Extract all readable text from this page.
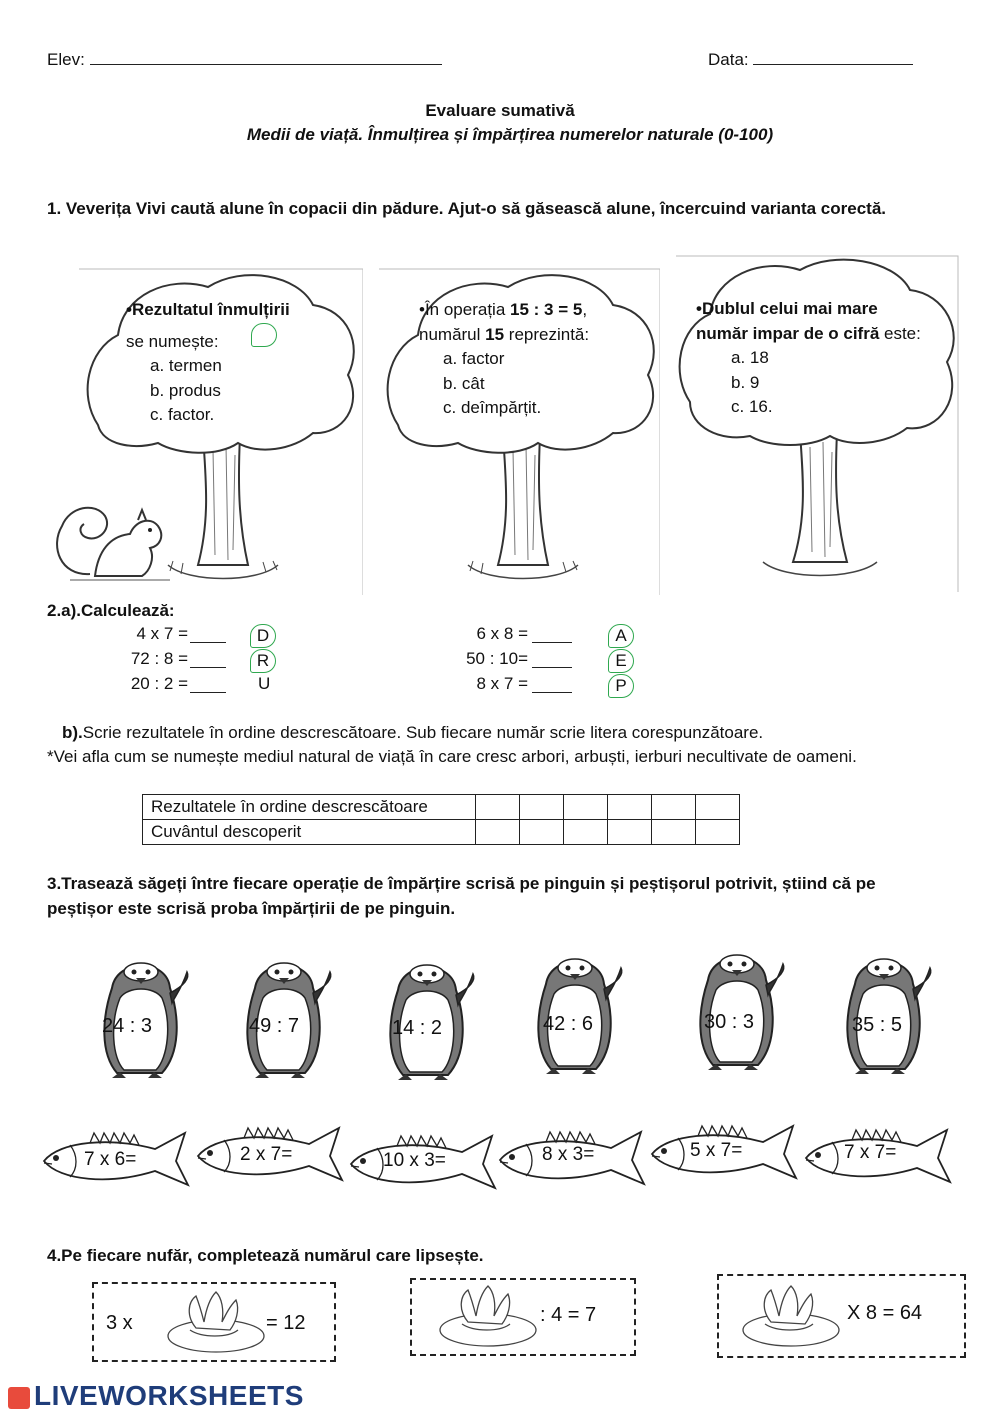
Elev:	Data:
Evaluare sumativă
Medii de viață. Înmulțirea și împărțirea numerelor naturale (0-100)
1. Veverița Vivi caută alune în copacii din pădure. Ajut-o să găsească alune, încercuind varianta corectă.
•Rezultatul înmulțirii
se numește:
a. termen
b. produs
c. factor.
•În operația 15 : 3 = 5,
numărul 15 reprezintă:
a. factor
b. cât
c. deîmpărțit.
•Dublul celui mai mare
număr impar de o cifră este:
a. 18
b. 9
c. 16.
2.a).Calculează:
4 x 7 =	D
72 : 8 =	R
20 : 2 =	U
6 x 8 =	A
50 : 10=	E
8 x 7 =	P
b).Scrie rezultatele în ordine descrescătoare. Sub fiecare număr scrie litera corespunzătoare.
*Vei afla cum se numește mediul natural de viață în care cresc arbori, arbuști, ierburi necultivate de oameni.
Rezultatele în ordine descrescătoare						
Cuvântul descoperit						
3.Trasează săgeți între fiecare operație de împărțire scrisă pe pinguin și peștișorul potrivit, știind că pe
peștișor este scrisă proba împărțirii de pe pinguin.
24 : 3	49 : 7	14 : 2	42 : 6	30 : 3	35 : 5
7 x 6=	2 x 7=	10 x 3=	8 x 3=	5 x 7=	7 x 7=
4.Pe fiecare nufăr, completează numărul care lipsește.
3 x	= 12	: 4 = 7	X 8 = 64
LIVEWORKSHEETS
